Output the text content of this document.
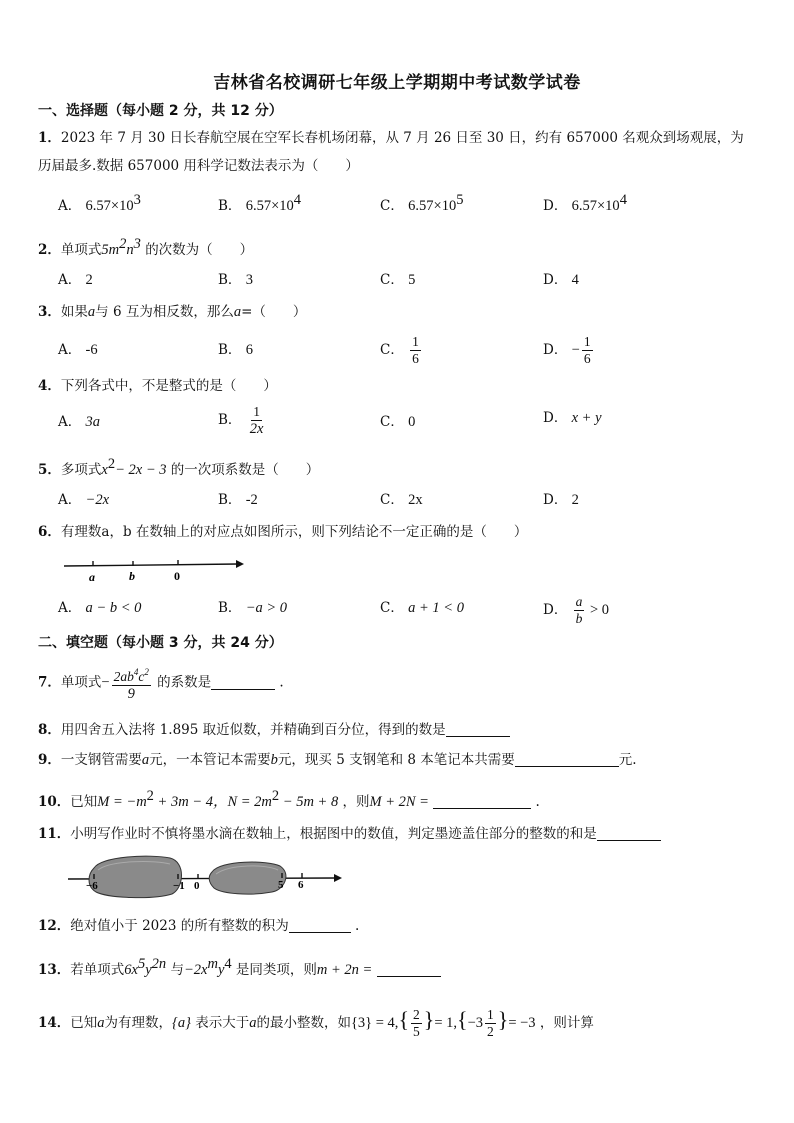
吉林省名校调研七年级上学期期中考试数学试卷
一、选择题（每小题 2 分，共 12 分）
1．2023 年 7 月 30 日长春航空展在空军长春机场闭幕，从 7 月 26 日至 30 日，约有 657000 名观众到场观展，为
历届最多.数据 657000 用科学记数法表示为（　　）
A． $6.57\times 10^3$	B． $6.57\times 10^4$	C． $6.57\times 10^5$	D． $6.57\times 10^4$
2．单项式$5m^2n^3$ 的次数为（　　）
A． 2	B． 3	C． 5	D． 4
3．如果a与 6 互为相反数，那么a=（　　）
A． -6	B． 6	C． $\frac{1}{6}$	D． − $\frac{1}{6}$
4．下列各式中，不是整式的是（　　）
A． 3a	B． $\frac{1}{2x}$	C． 0	D． x + y
5．多项式$x^2- 2x - 3$ 的一次项系数是（　　）
A． −2x	B． -2	C． 2x	D． 2
6．有理数a，b 在数轴上的对应点如图所示，则下列结论不一定正确的是（　　）
a	b	0
A． a − b < 0	B． −a > 0	C． a + 1 < 0	D． $\frac{a}{b} > 0$
二、填空题（每小题 3 分，共 24 分）
7．单项式− $\frac{2ab^4c^2}{9}$ 的系数是	.
8．用四舍五入法将 1.895 取近似数，并精确到百分位，得到的数是
9．一支钢管需要a元，一本管记本需要b元，现买 5 支钢笔和 8 本笔记本共需要	元.
10．已知$M = -m^2 + 3m - 4$，$N = 2m^2 - 5m + 8$ ，则M + 2N =	.
11．小明写作业时不慎将墨水滴在数轴上，根据图中的数值，判定墨迹盖住部分的整数的和是
−6	−1 0	5 6
12．绝对值小于 2023 的所有整数的积为	.
13．若单项式$6x^5y^{2n}$ 与$-2x^my^4$ 是同类项，则m + 2n =
14．已知a为有理数，{a} 表示大于a的最小整数，如$\{3\} = 4,\{ \frac{2}{5}$ }= $1,\{-3 \frac{1}{2}$ }= −3 ，则计算
